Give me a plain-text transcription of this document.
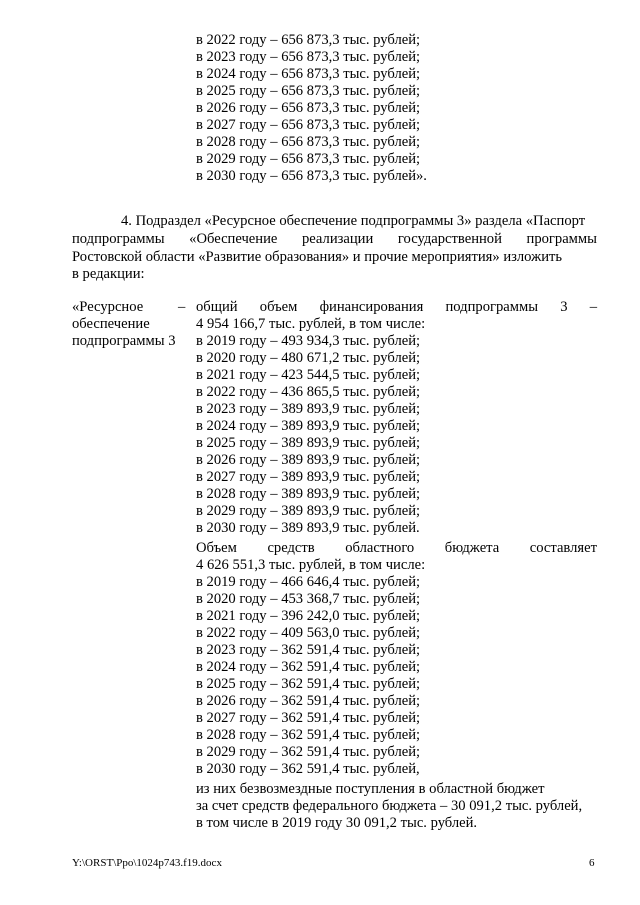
в 2022 году – 656 873,3 тыс. рублей;
в 2023 году – 656 873,3 тыс. рублей;
в 2024 году – 656 873,3 тыс. рублей;
в 2025 году – 656 873,3 тыс. рублей;
в 2026 году – 656 873,3 тыс. рублей;
в 2027 году – 656 873,3 тыс. рублей;
в 2028 году – 656 873,3 тыс. рублей;
в 2029 году – 656 873,3 тыс. рублей;
в 2030 году – 656 873,3 тыс. рублей».
4. Подраздел «Ресурсное обеспечение подпрограммы 3» раздела «Паспорт
подпрограммы «Обеспечение реализации государственной программы
Ростовской области «Развитие образования» и прочие мероприятия» изложить
в редакции:
«Ресурсное –
обеспечение
подпрограммы 3
общий объем финансирования подпрограммы 3 –
4 954 166,7 тыс. рублей, в том числе:
в 2019 году – 493 934,3 тыс. рублей;
в 2020 году – 480 671,2 тыс. рублей;
в 2021 году – 423 544,5 тыс. рублей;
в 2022 году – 436 865,5 тыс. рублей;
в 2023 году – 389 893,9 тыс. рублей;
в 2024 году – 389 893,9 тыс. рублей;
в 2025 году – 389 893,9 тыс. рублей;
в 2026 году – 389 893,9 тыс. рублей;
в 2027 году – 389 893,9 тыс. рублей;
в 2028 году – 389 893,9 тыс. рублей;
в 2029 году – 389 893,9 тыс. рублей;
в 2030 году – 389 893,9 тыс. рублей.
Объем средств областного бюджета составляет
4 626 551,3 тыс. рублей, в том числе:
в 2019 году – 466 646,4 тыс. рублей;
в 2020 году – 453 368,7 тыс. рублей;
в 2021 году – 396 242,0 тыс. рублей;
в 2022 году – 409 563,0 тыс. рублей;
в 2023 году – 362 591,4 тыс. рублей;
в 2024 году – 362 591,4 тыс. рублей;
в 2025 году – 362 591,4 тыс. рублей;
в 2026 году – 362 591,4 тыс. рублей;
в 2027 году – 362 591,4 тыс. рублей;
в 2028 году – 362 591,4 тыс. рублей;
в 2029 году – 362 591,4 тыс. рублей;
в 2030 году – 362 591,4 тыс. рублей,
из них безвозмездные поступления в областной бюджет
за счет средств федерального бюджета – 30 091,2 тыс. рублей,
в том числе в 2019 году 30 091,2 тыс. рублей.
Y:\ORST\Ppo\1024p743.f19.docx	6
